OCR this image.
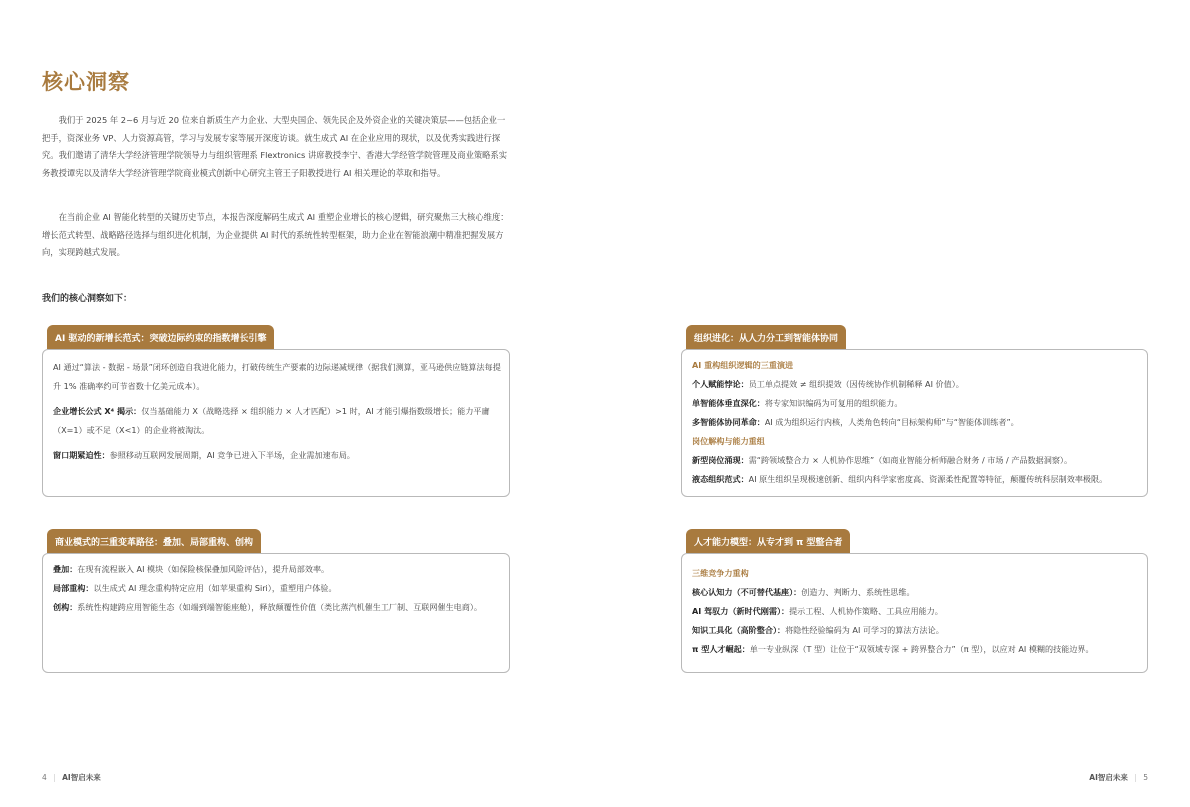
核心洞察
我们于 2025 年 2~6 月与近 20 位来自新质生产力企业、大型央国企、领先民企及外资企业的关键决策层——包括企业一把手，资深业务 VP、人力资源高管，学习与发展专家等展开深度访谈。就生成式 AI 在企业应用的现状，以及优秀实践进行探究。我们邀请了清华大学经济管理学院领导力与组织管理系 Flextronics 讲席教授李宁、香港大学经管学院管理及商业策略系实务教授谭宪以及清华大学经济管理学院商业模式创新中心研究主管王子阳教授进行 AI 相关理论的萃取和指导。
在当前企业 AI 智能化转型的关键历史节点，本报告深度解码生成式 AI 重塑企业增长的核心逻辑，研究聚焦三大核心维度：增长范式转型、战略路径选择与组织进化机制，为企业提供 AI 时代的系统性转型框架，助力企业在智能浪潮中精准把握发展方向，实现跨越式发展。
我们的核心洞察如下：
AI 驱动的新增长范式：突破边际约束的指数增长引擎

AI 通过“算法 - 数据 - 场景”闭环创造自我进化能力，打破传统生产要素的边际递减规律（据我们测算，亚马逊供应链算法每提升 1% 准确率约可节省数十亿美元成本）。

企业增长公式 X⁴ 揭示：仅当基础能力 X（战略选择 × 组织能力 × 人才匹配）>1 时，AI 才能引爆指数级增长；能力平庸（X=1）或不足（X<1）的企业将被淘汰。

窗口期紧迫性：参照移动互联网发展周期，AI 竞争已进入下半场，企业需加速布局。

商业模式的三重变革路径：叠加、局部重构、创构

叠加：在现有流程嵌入 AI 模块（如保险核保叠加风险评估），提升局部效率。

局部重构：以生成式 AI 理念重构特定应用（如苹果重构 Siri），重塑用户体验。

创构：系统性构建跨应用智能生态（如端到端智能座舱），释放颠覆性价值（类比蒸汽机催生工厂制、互联网催生电商）。

组织进化：从人力分工到智能体协同

AI 重构组织逻辑的三重演进

个人赋能悖论：员工单点提效 ≠ 组织提效（因传统协作机制稀释 AI 价值）。

单智能体垂直深化：将专家知识编码为可复用的组织能力。

多智能体协同革命：AI 成为组织运行内核，人类角色转向“目标架构师”与“智能体训练者”。

岗位解构与能力重组

新型岗位涌现：需“跨领域整合力 × 人机协作思维”（如商业智能分析师融合财务 / 市场 / 产品数据洞察）。

液态组织范式：AI 原生组织呈现极速创新、组织内科学家密度高、资源柔性配置等特征，颠覆传统科层制效率极限。

人才能力模型：从专才到 π 型整合者

三维竞争力重构

核心认知力（不可替代基座）：创造力、判断力、系统性思维。

AI 驾驭力（新时代刚需）：提示工程、人机协作策略、工具应用能力。

知识工具化（高阶整合）：将隐性经验编码为 AI 可学习的算法方法论。

π 型人才崛起：单一专业纵深（T 型）让位于“双领域专深 + 跨界整合力”（π 型），以应对 AI 模糊的技能边界。

4 | AI智启未来	AI智启未来 | 5
